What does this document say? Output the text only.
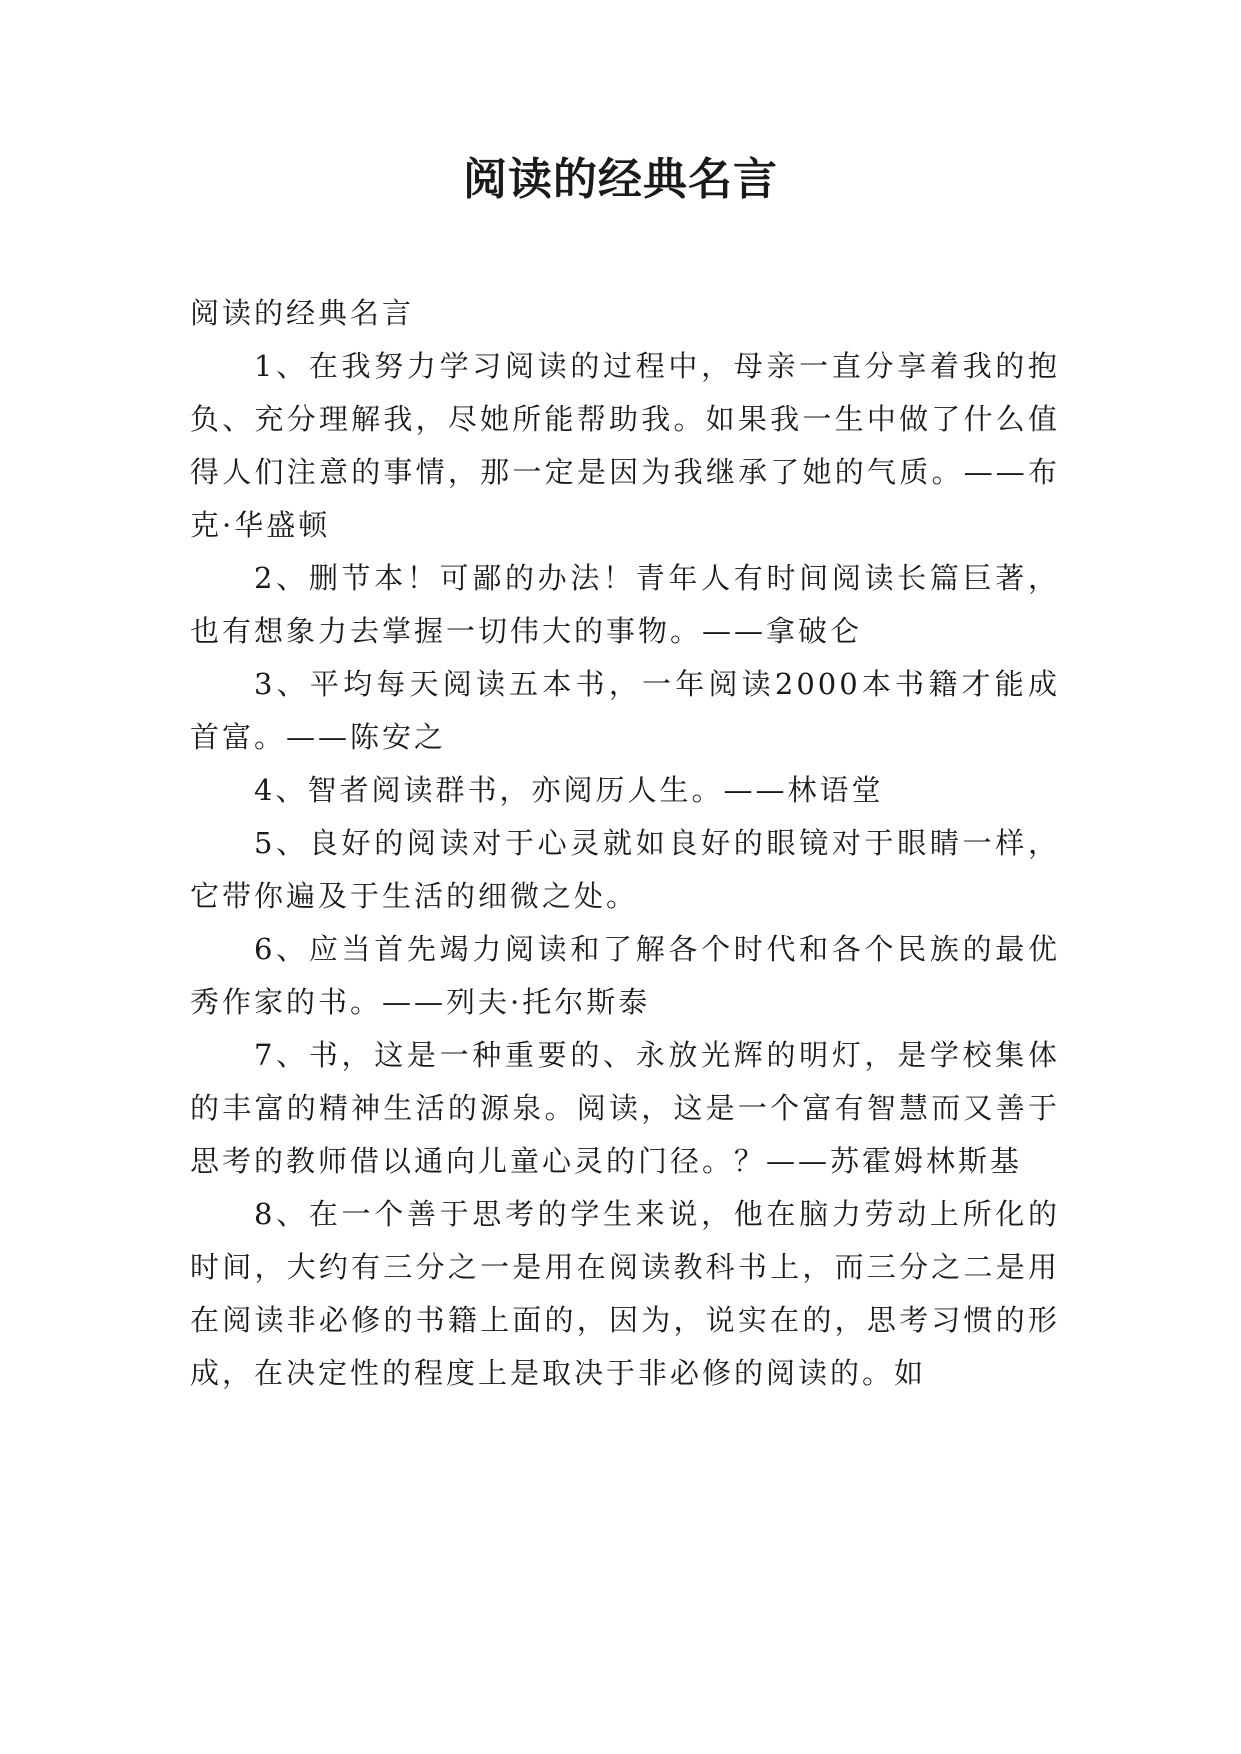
阅读的经典名言

阅读的经典名言

1、在我努力学习阅读的过程中，母亲一直分享着我的抱负、充分理解我，尽她所能帮助我。如果我一生中做了什么值得人们注意的事情，那一定是因为我继承了她的气质。——布克·华盛顿

2、删节本！可鄙的办法！青年人有时间阅读长篇巨著，也有想象力去掌握一切伟大的事物。——拿破仑

3、平均每天阅读五本书，一年阅读2000本书籍才能成首富。——陈安之

4、智者阅读群书，亦阅历人生。——林语堂

5、良好的阅读对于心灵就如良好的眼镜对于眼睛一样，它带你遍及于生活的细微之处。

6、应当首先竭力阅读和了解各个时代和各个民族的最优秀作家的书。——列夫·托尔斯泰

7、书，这是一种重要的、永放光辉的明灯，是学校集体的丰富的精神生活的源泉。阅读，这是一个富有智慧而又善于思考的教师借以通向儿童心灵的门径。？——苏霍姆林斯基

8、在一个善于思考的学生来说，他在脑力劳动上所化的时间，大约有三分之一是用在阅读教科书上，而三分之二是用在阅读非必修的书籍上面的，因为，说实在的，思考习惯的形成，在决定性的程度上是取决于非必修的阅读的。如
